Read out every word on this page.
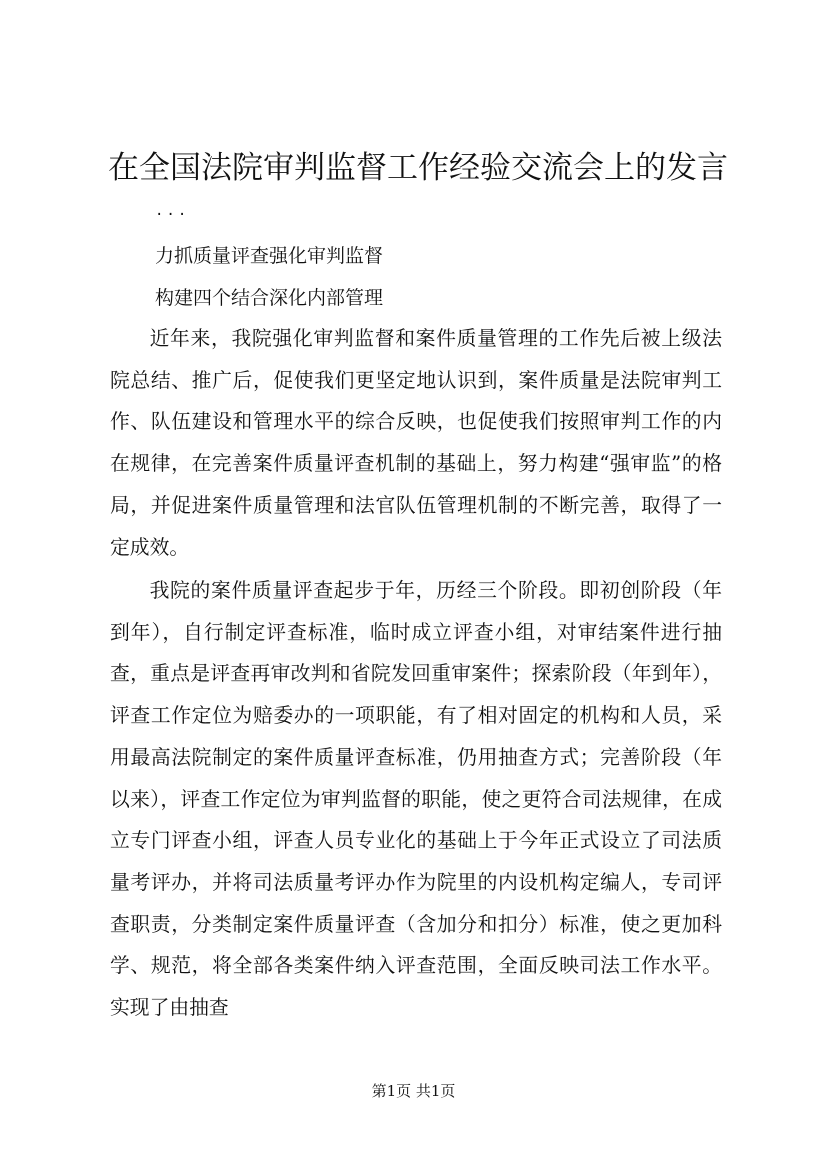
在全国法院审判监督工作经验交流会上的发言
...
力抓质量评查强化审判监督
构建四个结合深化内部管理

近年来，我院强化审判监督和案件质量管理的工作先后被上级法院总结、推广后，促使我们更坚定地认识到，案件质量是法院审判工作、队伍建设和管理水平的综合反映，也促使我们按照审判工作的内在规律，在完善案件质量评查机制的基础上，努力构建“强审监”的格局，并促进案件质量管理和法官队伍管理机制的不断完善，取得了一定成效。

我院的案件质量评查起步于年，历经三个阶段。即初创阶段（年到年），自行制定评查标准，临时成立评查小组，对审结案件进行抽查，重点是评查再审改判和省院发回重审案件；探索阶段（年到年），评查工作定位为赔委办的一项职能，有了相对固定的机构和人员，采用最高法院制定的案件质量评查标准，仍用抽查方式；完善阶段（年以来），评查工作定位为审判监督的职能，使之更符合司法规律，在成立专门评查小组，评查人员专业化的基础上于今年正式设立了司法质量考评办，并将司法质量考评办作为院里的内设机构定编人，专司评查职责，分类制定案件质量评查（含加分和扣分）标准，使之更加科学、规范，将全部各类案件纳入评查范围，全面反映司法工作水平。实现了由抽查

第1页 共1页
